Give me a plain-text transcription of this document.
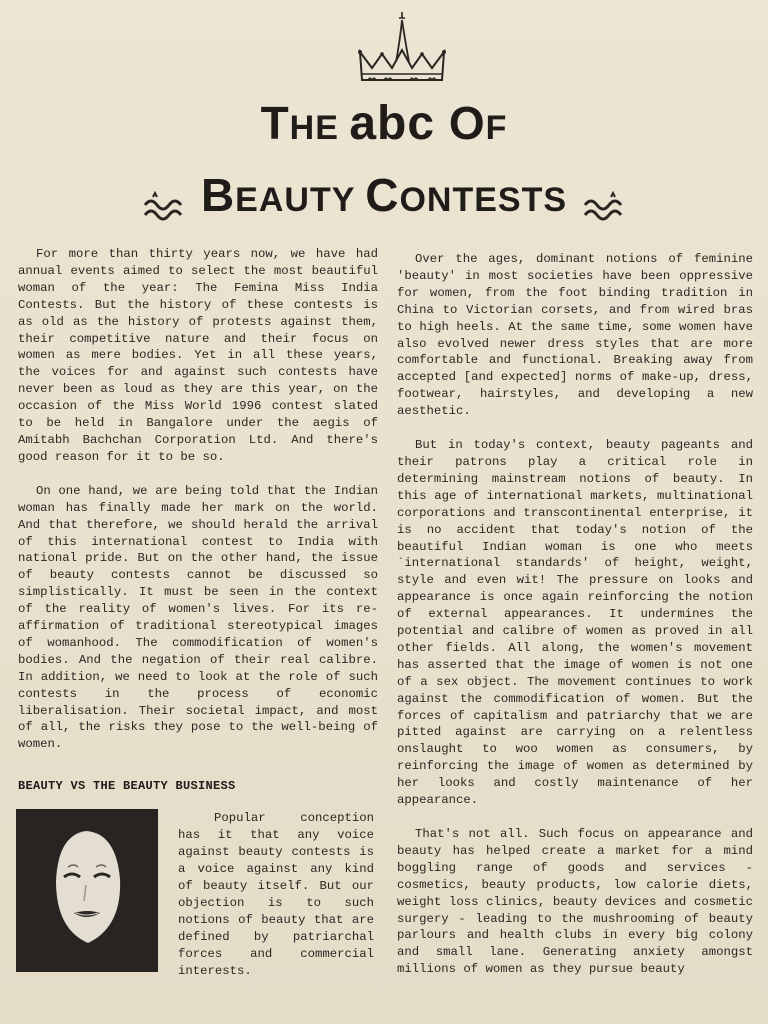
THE abc OF
BEAUTY CONTESTS

For more than thirty years now, we have had annual events aimed to select the most beautiful woman of the year: The Femina Miss India Contests. But the history of these contests is as old as the history of protests against them, their competitive nature and their focus on women as mere bodies. Yet in all these years, the voices for and against such contests have never been as loud as they are this year, on the occasion of the Miss World 1996 contest slated to be held in Bangalore under the aegis of Amitabh Bachchan Corporation Ltd. And there's good reason for it to be so.

On one hand, we are being told that the Indian woman has finally made her mark on the world. And that therefore, we should herald the arrival of this international contest to India with national pride. But on the other hand, the issue of beauty contests cannot be discussed so simplistically. It must be seen in the context of the reality of women's lives. For its re-affirmation of traditional stereotypical images of womanhood. The commodification of women's bodies. And the negation of their real calibre. In addition, we need to look at the role of such contests in the process of economic liberalisation. Their societal impact, and most of all, the risks they pose to the well-being of women.

BEAUTY VS THE BEAUTY BUSINESS

Popular conception has it that any voice against beauty contests is a voice against any kind of beauty itself. But our objection is to such notions of beauty that are defined by patriarchal forces and commercial interests.

Over the ages, dominant notions of feminine 'beauty' in most societies have been oppressive for women, from the foot binding tradition in China to Victorian corsets, and from wired bras to high heels. At the same time, some women have also evolved newer dress styles that are more comfortable and functional. Breaking away from accepted [and expected] norms of make-up, dress, footwear, hairstyles, and developing a new aesthetic.

But in today's context, beauty pageants and their patrons play a critical role in determining mainstream notions of beauty. In this age of international markets, multinational corporations and transcontinental enterprise, it is no accident that today's notion of the beautiful Indian woman is one who meets `international standards' of height, weight, style and even wit! The pressure on looks and appearance is once again reinforcing the notion of external appearances. It undermines the potential and calibre of women as proved in all other fields. All along, the women's movement has asserted that the image of women is not one of a sex object. The movement continues to work against the commodification of women. But the forces of capitalism and patriarchy that we are pitted against are carrying on a relentless onslaught to woo women as consumers, by reinforcing the image of women as determined by her looks and costly maintenance of her appearance.

That's not all. Such focus on appearance and beauty has helped create a market for a mind boggling range of goods and services - cosmetics, beauty products, low calorie diets, weight loss clinics, beauty devices and cosmetic surgery - leading to the mushrooming of beauty parlours and health clubs in every big colony and small lane. Generating anxiety amongst millions of women as they pursue beauty
